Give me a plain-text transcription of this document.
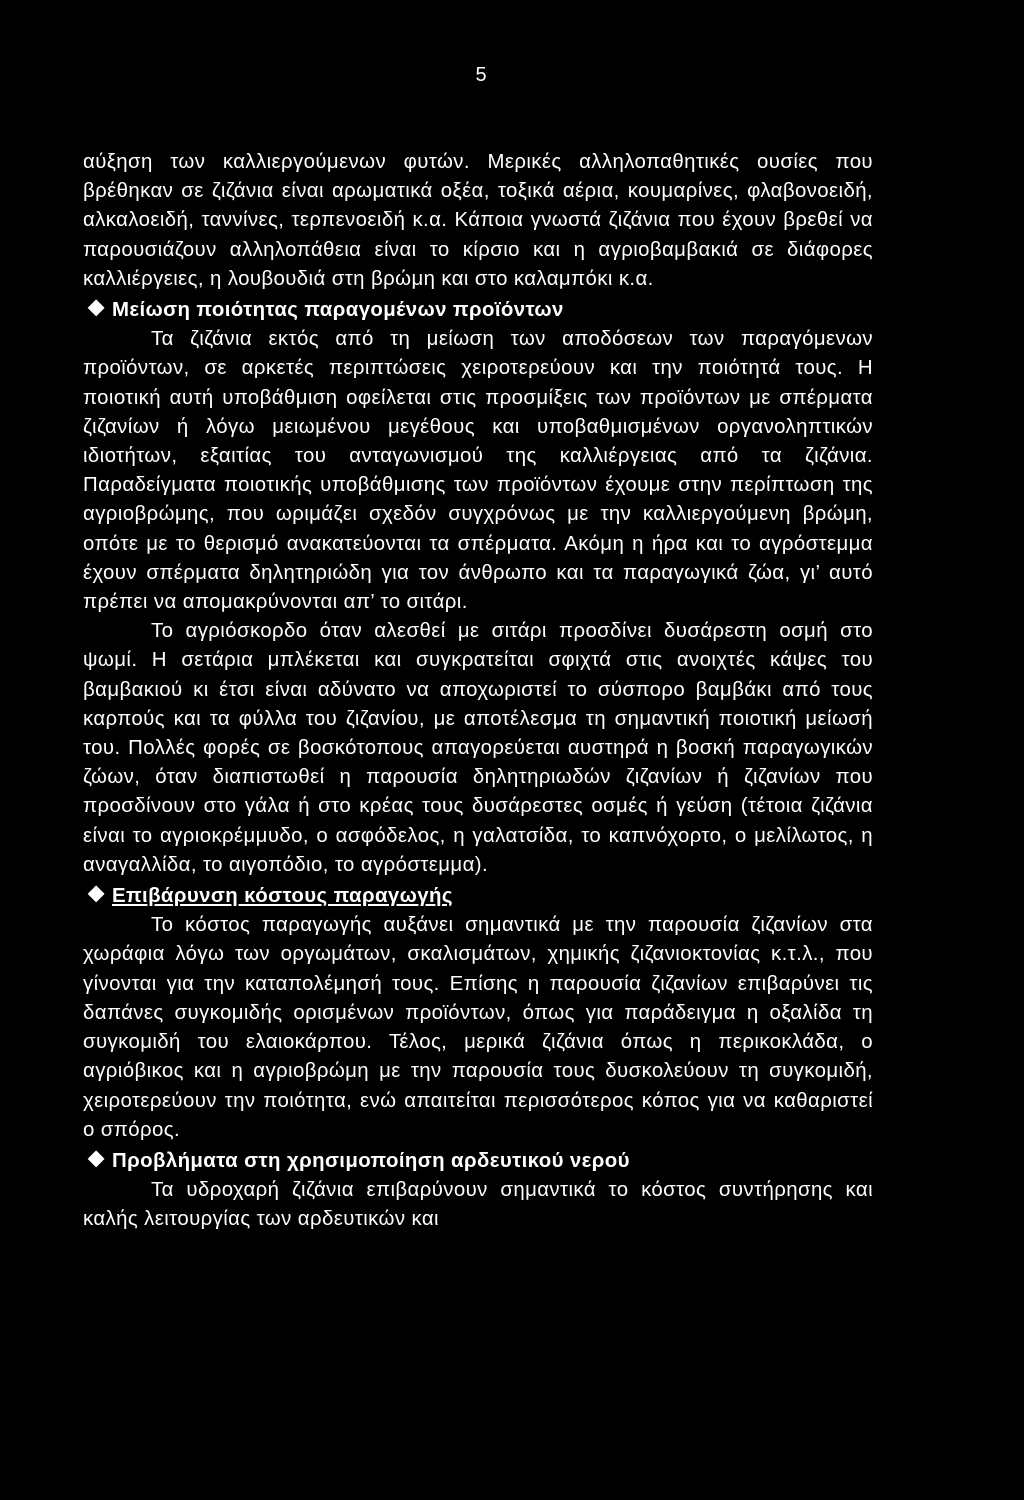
5

αύξηση των καλλιεργούμενων φυτών. Μερικές αλληλοπαθητικές ουσίες που βρέθηκαν σε ζιζάνια είναι αρωματικά οξέα, τοξικά αέρια, κουμαρίνες, φλαβονοειδή, αλκαλοειδή, ταννίνες, τερπενοειδή κ.α. Κάποια γνωστά ζιζάνια που έχουν βρεθεί να παρουσιάζουν αλληλοπάθεια είναι το κίρσιο και η αγριοβαμβακιά σε διάφορες καλλιέργειες, η λουβουδιά στη βρώμη και στο καλαμπόκι κ.α.

Μείωση ποιότητας παραγομένων προϊόντων

Τα ζιζάνια εκτός από τη μείωση των αποδόσεων των παραγόμενων προϊόντων, σε αρκετές περιπτώσεις χειροτερεύουν και την ποιότητά τους. Η ποιοτική αυτή υποβάθμιση οφείλεται στις προσμίξεις των προϊόντων με σπέρματα ζιζανίων ή λόγω μειωμένου μεγέθους και υποβαθμισμένων οργανοληπτικών ιδιοτήτων, εξαιτίας του ανταγωνισμού της καλλιέργειας από τα ζιζάνια. Παραδείγματα ποιοτικής υποβάθμισης των προϊόντων έχουμε στην περίπτωση της αγριοβρώμης, που ωριμάζει σχεδόν συγχρόνως με την καλλιεργούμενη βρώμη, οπότε με το θερισμό ανακατεύονται τα σπέρματα. Ακόμη η ήρα και το αγρόστεμμα έχουν σπέρματα δηλητηριώδη για τον άνθρωπο και τα παραγωγικά ζώα, γι’ αυτό πρέπει να απομακρύνονται απ’ το σιτάρι.

Το αγριόσκορδο όταν αλεσθεί με σιτάρι προσδίνει δυσάρεστη οσμή στο ψωμί. Η σετάρια μπλέκεται και συγκρατείται σφιχτά στις ανοιχτές κάψες του βαμβακιού κι έτσι είναι αδύνατο να αποχωριστεί το σύσπορο βαμβάκι από τους καρπούς και τα φύλλα του ζιζανίου, με αποτέλεσμα τη σημαντική ποιοτική μείωσή του. Πολλές φορές σε βοσκότοπους απαγορεύεται αυστηρά η βοσκή παραγωγικών ζώων, όταν διαπιστωθεί η παρουσία δηλητηριωδών ζιζανίων ή ζιζανίων που προσδίνουν στο γάλα ή στο κρέας τους δυσάρεστες οσμές ή γεύση (τέτοια ζιζάνια είναι το αγριοκρέμμυδο, ο ασφόδελος, η γαλατσίδα, το καπνόχορτο, ο μελίλωτος, η αναγαλλίδα, το αιγοπόδιο, το αγρόστεμμα).

Επιβάρυνση κόστους παραγωγής

Το κόστος παραγωγής αυξάνει σημαντικά με την παρουσία ζιζανίων στα χωράφια λόγω των οργωμάτων, σκαλισμάτων, χημικής ζιζανιοκτονίας κ.τ.λ., που γίνονται για την καταπολέμησή τους. Επίσης η παρουσία ζιζανίων επιβαρύνει τις δαπάνες συγκομιδής ορισμένων προϊόντων, όπως για παράδειγμα η οξαλίδα τη συγκομιδή του ελαιοκάρπου. Τέλος, μερικά ζιζάνια όπως η περικοκλάδα, ο αγριόβικος και η αγριοβρώμη με την παρουσία τους δυσκολεύουν τη συγκομιδή, χειροτερεύουν την ποιότητα, ενώ απαιτείται περισσότερος κόπος για να καθαριστεί ο σπόρος.

Προβλήματα στη χρησιμοποίηση αρδευτικού νερού

Τα υδροχαρή ζιζάνια επιβαρύνουν σημαντικά το κόστος συντήρησης και καλής λειτουργίας των αρδευτικών και
